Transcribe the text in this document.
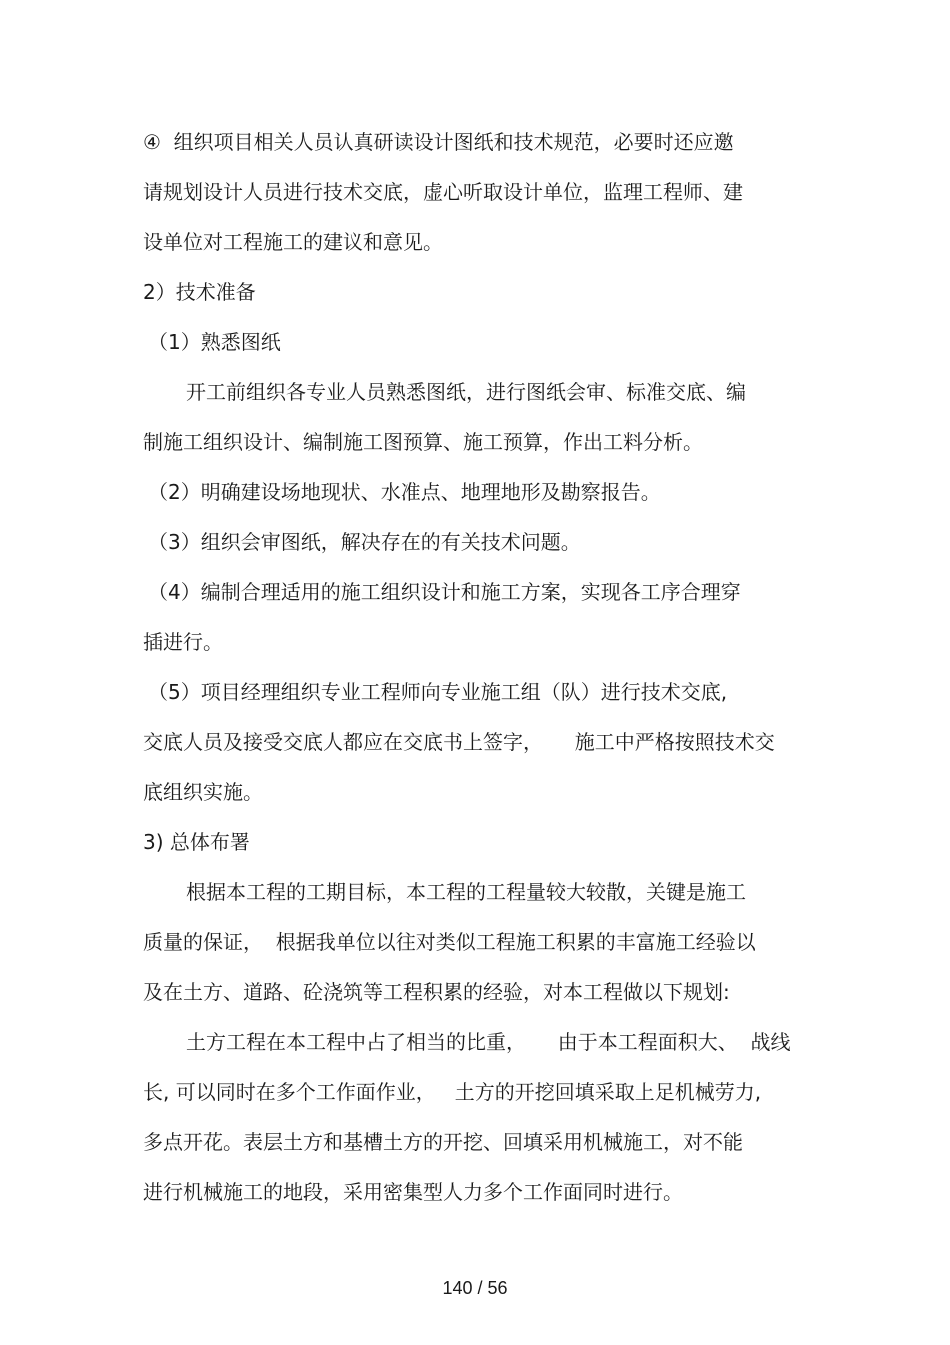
④  组织项目相关人员认真研读设计图纸和技术规范，必要时还应邀
请规划设计人员进行技术交底，虚心听取设计单位，监理工程师、建
设单位对工程施工的建议和意见。
2）技术准备
（1）熟悉图纸
开工前组织各专业人员熟悉图纸，进行图纸会审、标准交底、编
制施工组织设计、编制施工图预算、施工预算，作出工料分析。
（2）明确建设场地现状、水准点、地理地形及勘察报告。
（3）组织会审图纸，解决存在的有关技术问题。
（4）编制合理适用的施工组织设计和施工方案，实现各工序合理穿
插进行。
（5）项目经理组织专业工程师向专业施工组（队）进行技术交底,
交底人员及接受交底人都应在交底书上签字，     施工中严格按照技术交
底组织实施。
3) 总体布署
根据本工程的工期目标，本工程的工程量较大较散，关键是施工
质量的保证，  根据我单位以往对类似工程施工积累的丰富施工经验以
及在土方、道路、砼浇筑等工程积累的经验，对本工程做以下规划:
土方工程在本工程中占了相当的比重，     由于本工程面积大、  战线
长, 可以同时在多个工作面作业，   土方的开挖回填采取上足机械劳力,
多点开花。表层土方和基槽土方的开挖、回填采用机械施工，对不能
进行机械施工的地段，采用密集型人力多个工作面同时进行。
140 / 56
